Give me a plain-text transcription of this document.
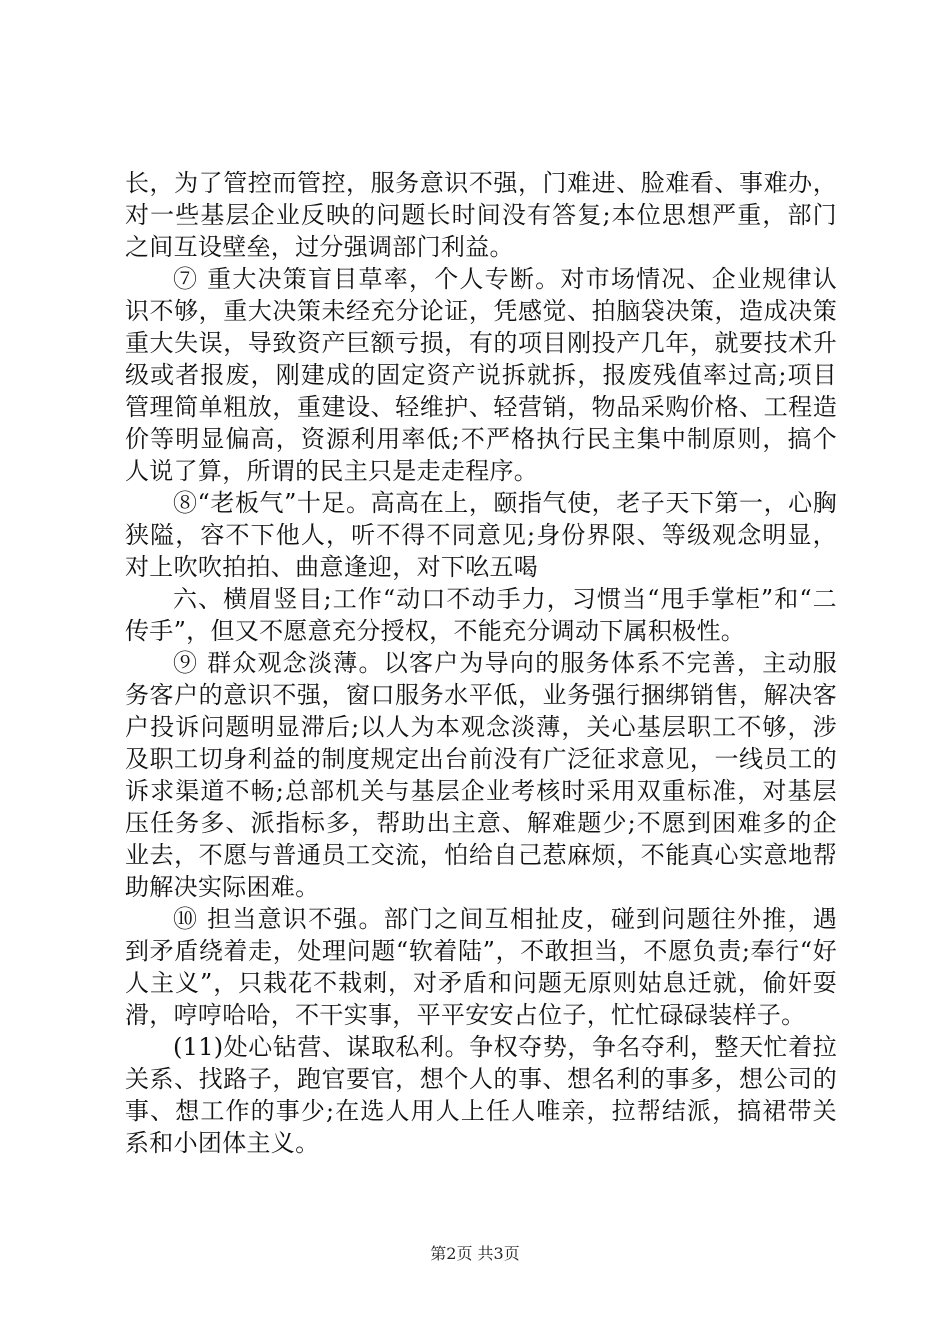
长，为了管控而管控，服务意识不强，门难进、脸难看、事难办，对一些基层企业反映的问题长时间没有答复;本位思想严重，部门之间互设壁垒，过分强调部门利益。

⑦ 重大决策盲目草率，个人专断。对市场情况、企业规律认识不够，重大决策未经充分论证，凭感觉、拍脑袋决策，造成决策重大失误，导致资产巨额亏损，有的项目刚投产几年，就要技术升级或者报废，刚建成的固定资产说拆就拆，报废残值率过高;项目管理简单粗放，重建设、轻维护、轻营销，物品采购价格、工程造价等明显偏高，资源利用率低;不严格执行民主集中制原则，搞个人说了算，所谓的民主只是走走程序。

⑧“老板气”十足。高高在上，颐指气使，老子天下第一，心胸狭隘，容不下他人，听不得不同意见;身份界限、等级观念明显，对上吹吹拍拍、曲意逢迎，对下吆五喝

六、横眉竖目;工作“动口不动手力，习惯当“甩手掌柜”和“二传手”，但又不愿意充分授权，不能充分调动下属积极性。

⑨ 群众观念淡薄。以客户为导向的服务体系不完善，主动服务客户的意识不强，窗口服务水平低，业务强行捆绑销售，解决客户投诉问题明显滞后;以人为本观念淡薄，关心基层职工不够，涉及职工切身利益的制度规定出台前没有广泛征求意见，一线员工的诉求渠道不畅;总部机关与基层企业考核时采用双重标准，对基层压任务多、派指标多，帮助出主意、解难题少;不愿到困难多的企业去，不愿与普通员工交流，怕给自己惹麻烦，不能真心实意地帮助解决实际困难。

⑩ 担当意识不强。部门之间互相扯皮，碰到问题往外推，遇到矛盾绕着走，处理问题“软着陆”，不敢担当，不愿负责;奉行“好人主义”，只栽花不栽刺，对矛盾和问题无原则姑息迁就，偷奸耍滑，哼哼哈哈，不干实事，平平安安占位子，忙忙碌碌装样子。

(11)处心钻营、谋取私利。争权夺势，争名夺利，整天忙着拉关系、找路子，跑官要官，想个人的事、想名利的事多，想公司的事、想工作的事少;在选人用人上任人唯亲，拉帮结派，搞裙带关系和小团体主义。

第2页 共3页
